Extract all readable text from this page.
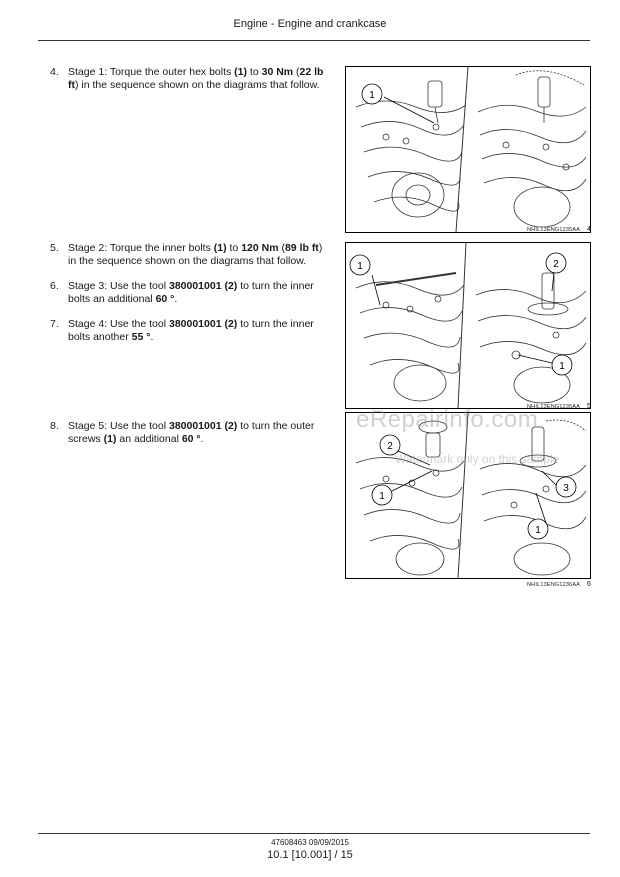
Engine - Engine and crankcase
4. Stage 1: Torque the outer hex bolts (1) to 30 Nm (22 lb ft) in the sequence shown on the diagrams that follow.
5. Stage 2: Torque the inner bolts (1) to 120 Nm (89 lb ft) in the sequence shown on the diagrams that follow.
6. Stage 3: Use the tool 380001001 (2) to turn the inner bolts an additional 60 °.
7. Stage 4: Use the tool 380001001 (2) to turn the inner bolts another 55 °.
8. Stage 5: Use the tool 380001001 (2) to turn the outer screws (1) an additional 60 °.
1
NHIL13ENG1235AA 4
1	2
1
NHIL13ENG1235AA 5
2
1
3
1
NHIL13ENG1236AA 6
eRepairinfo.com
Watermark only on this sample
47608463 09/09/2015
10.1 [10.001] / 15
